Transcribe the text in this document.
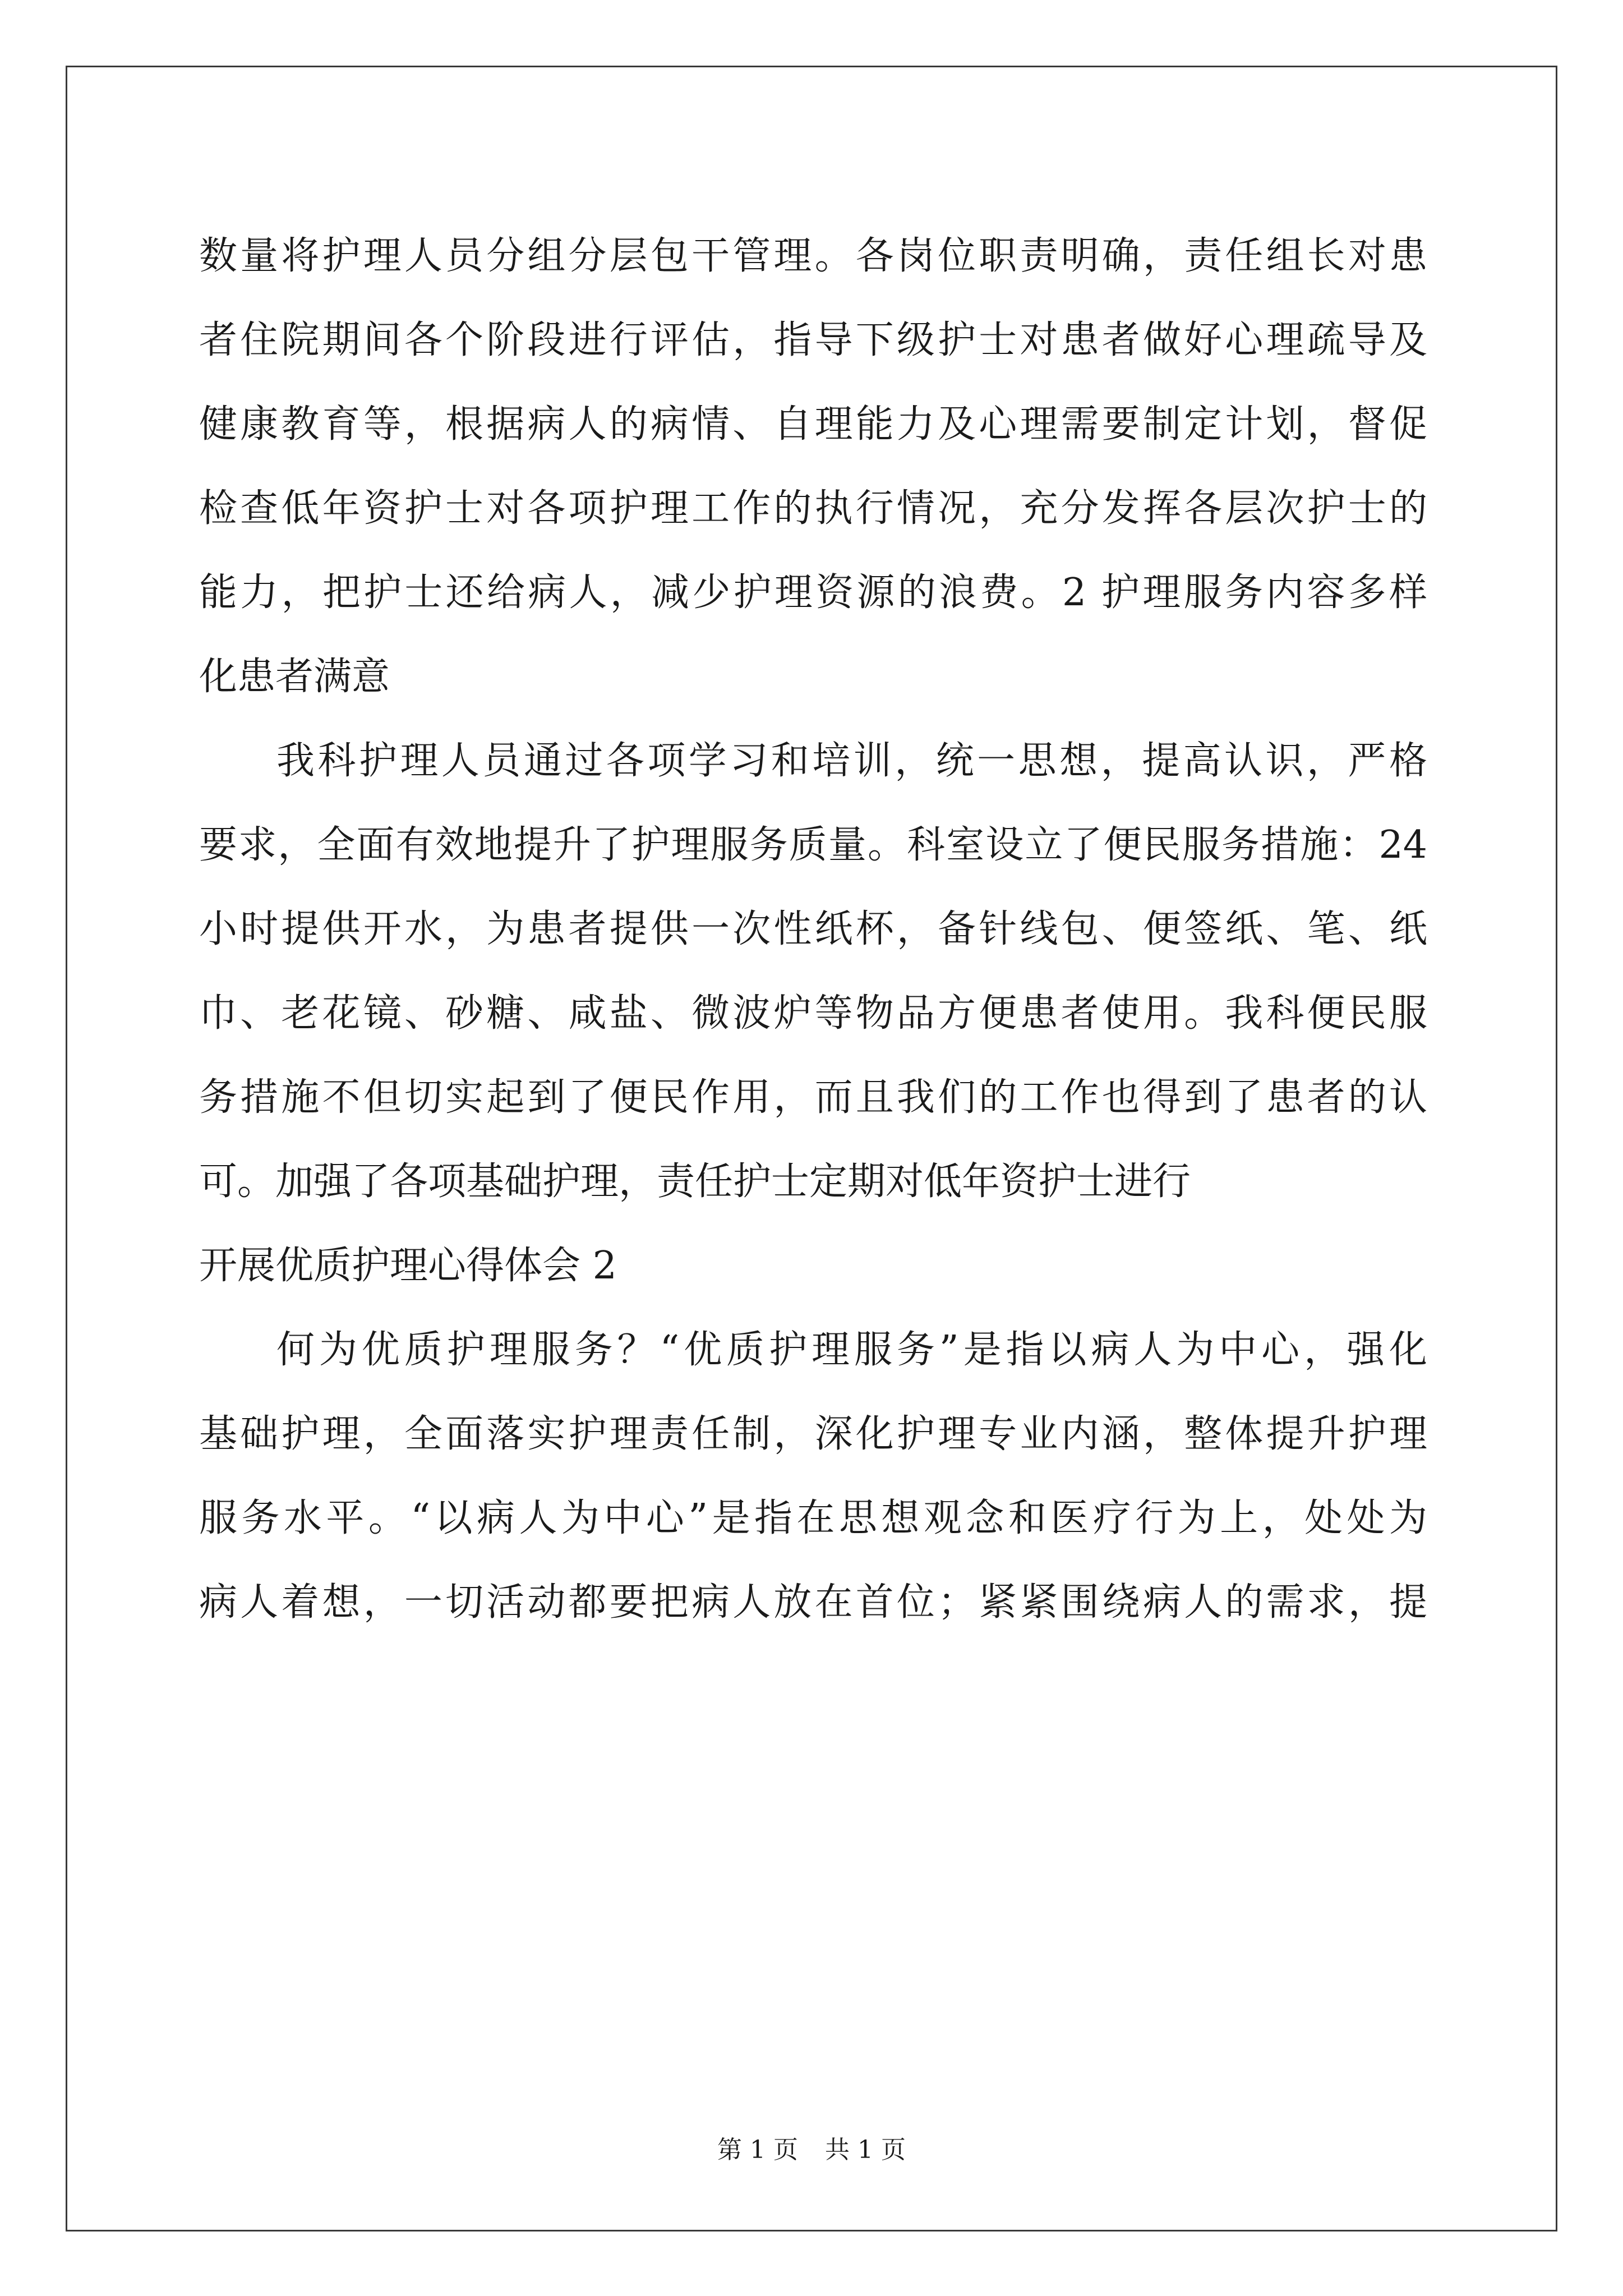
数量将护理人员分组分层包干管理。各岗位职责明确，责任组长对患
者住院期间各个阶段进行评估，指导下级护士对患者做好心理疏导及
健康教育等，根据病人的病情、自理能力及心理需要制定计划，督促
检查低年资护士对各项护理工作的执行情况，充分发挥各层次护士的
能力，把护士还给病人，减少护理资源的浪费。2 护理服务内容多样
化患者满意
我科护理人员通过各项学习和培训，统一思想，提高认识，严格
要求，全面有效地提升了护理服务质量。科室设立了便民服务措施：24
小时提供开水，为患者提供一次性纸杯，备针线包、便签纸、笔、纸
巾、老花镜、砂糖、咸盐、微波炉等物品方便患者使用。我科便民服
务措施不但切实起到了便民作用，而且我们的工作也得到了患者的认
可。加强了各项基础护理，责任护士定期对低年资护士进行
开展优质护理心得体会 2
何为优质护理服务？“优质护理服务”是指以病人为中心，强化
基础护理，全面落实护理责任制，深化护理专业内涵，整体提升护理
服务水平。“以病人为中心”是指在思想观念和医疗行为上，处处为
病人着想，一切活动都要把病人放在首位；紧紧围绕病人的需求，提
第 1 页 共 1 页
